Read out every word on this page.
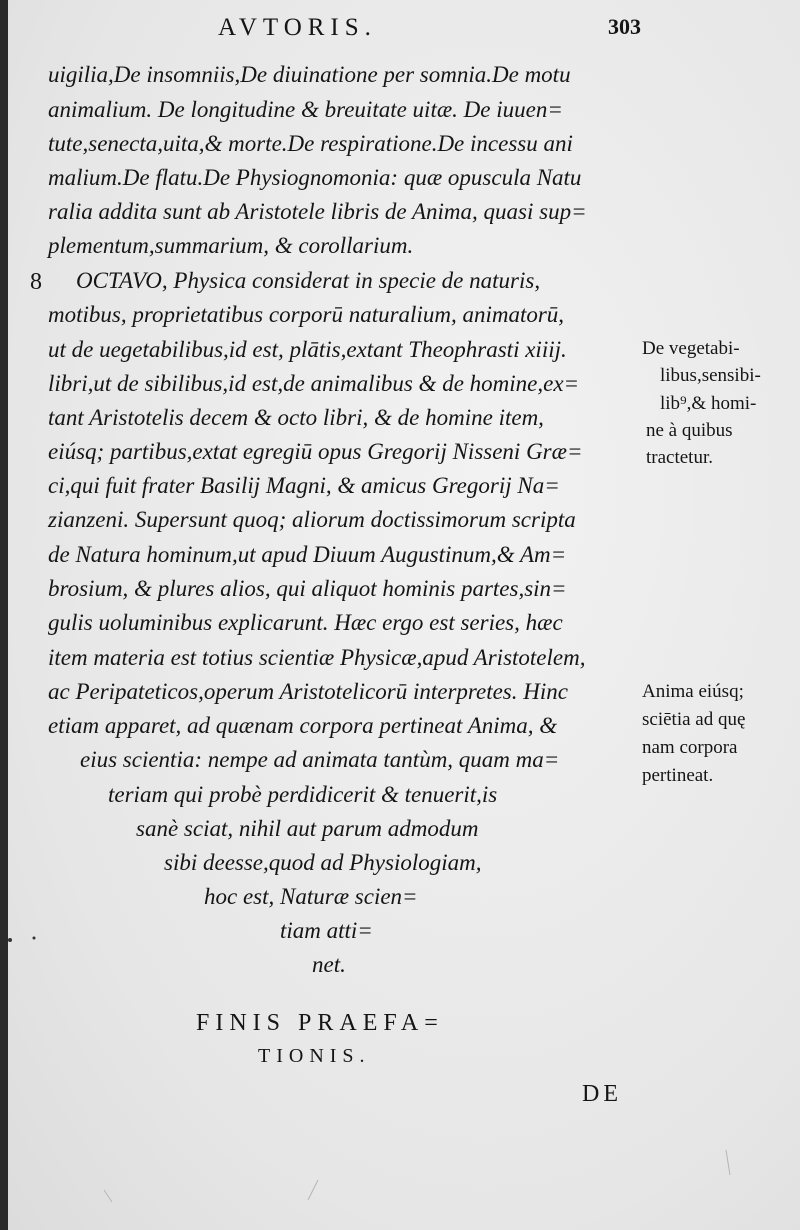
AVTORIS.	303
8
uigilia,De insomniis,De diuinatione per somnia.De motu
animalium. De longitudine & breuitate uitæ. De iuuen=
tute,senecta,uita,& morte.De respiratione.De incessu ani
malium.De flatu.De Physiognomonia: quæ opuscula Natu
ralia addita sunt ab Aristotele libris de Anima, quasi sup=
plementum,summarium, & corollarium.
OCTAVO, Physica considerat in specie de naturis,
motibus, proprietatibus corporū naturalium, animatorū,
ut de uegetabilibus,id est, plātis,extant Theophrasti xiiij.
libri,ut de sibilibus,id est,de animalibus & de homine,ex=
tant Aristotelis decem & octo libri, & de homine item,
eiúsq; partibus,extat egregiū opus Gregorij Nisseni Græ=
ci,qui fuit frater Basilij Magni, & amicus Gregorij Na=
zianzeni. Supersunt quoq; aliorum doctissimorum scripta
de Natura hominum,ut apud Diuum Augustinum,& Am=
brosium, & plures alios, qui aliquot hominis partes,sin=
gulis uoluminibus explicarunt. Hæc ergo est series, hæc
item materia est totius scientiæ Physicæ,apud Aristotelem,
ac Peripateticos,operum Aristotelicorū interpretes. Hinc
etiam apparet, ad quænam corpora pertineat Anima, &
eius scientia: nempe ad animata tantùm, quam ma=
teriam qui probè perdidicerit & tenuerit,is
sanè sciat, nihil aut parum admodum
sibi deesse,quod ad Physiologiam,
hoc est, Naturæ scien=
tiam atti=
net.
De vegetabi-
libus,sensibi-
lib⁹,& homi-
ne à quibus
tractetur.
Anima eiúsq;
sciētia ad quę
nam corpora
pertineat.
FINIS PRAEFA=
TIONIS.
DE
